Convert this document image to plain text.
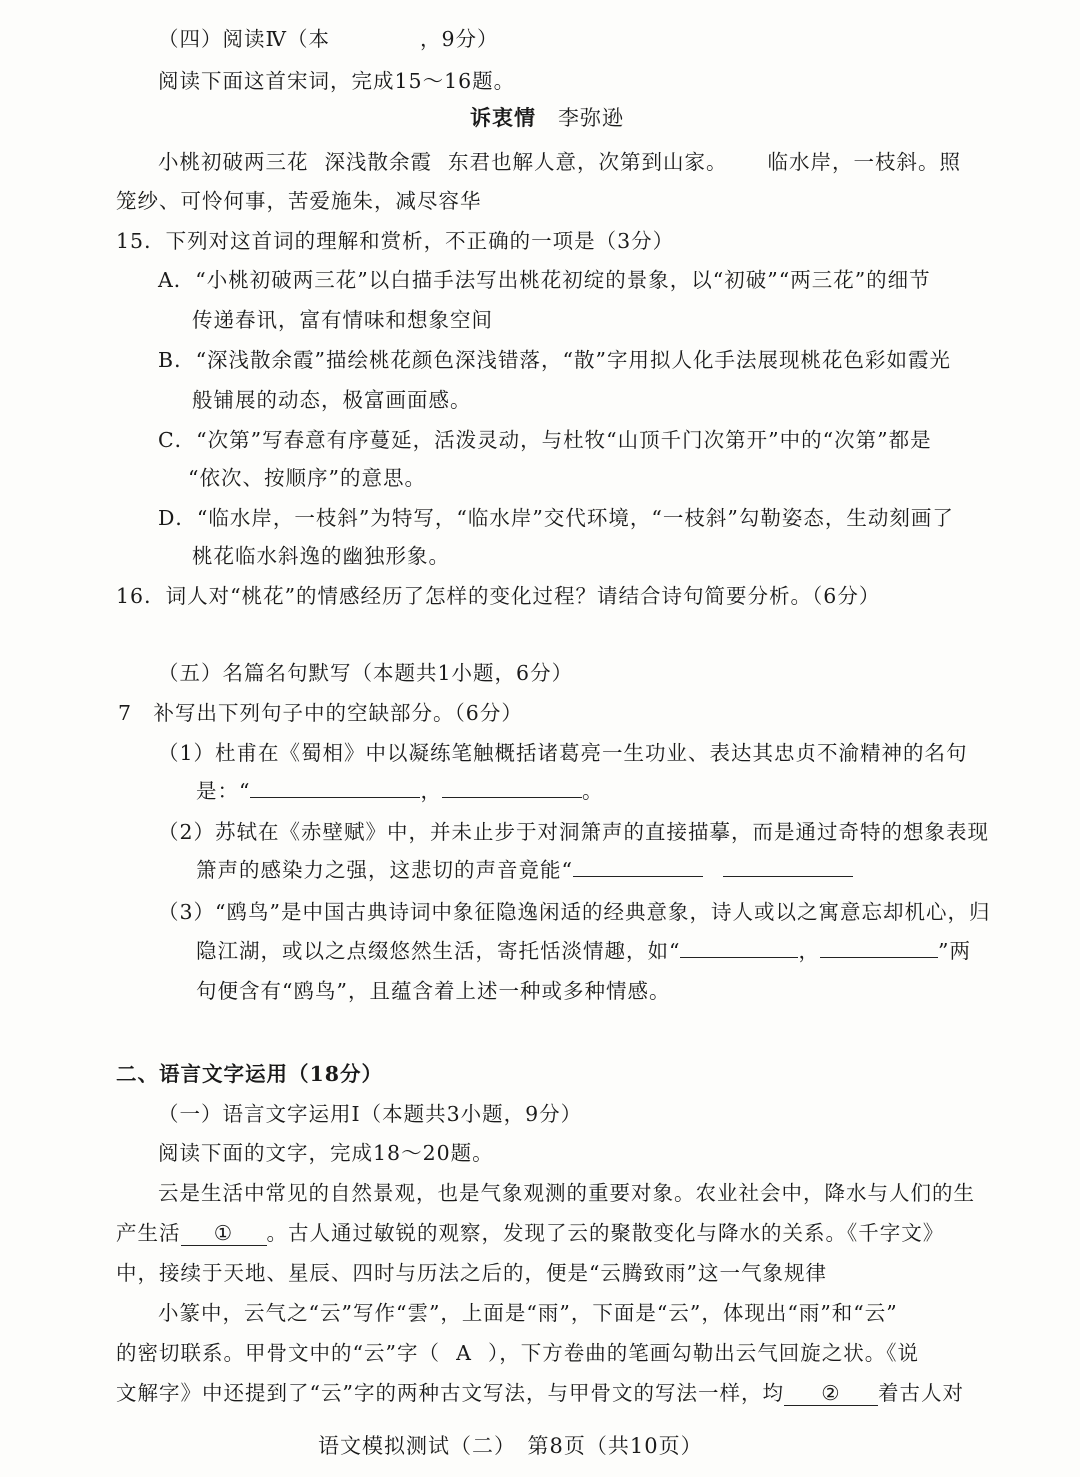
（四）阅读Ⅳ（本	，9分）
阅读下面这首宋词，完成15～16题。
诉衷情 李弥逊
小桃初破两三花 深浅散余霞 东君也解人意，次第到山家。 临水岸，一枝斜。照
笼纱、可怜何事，苦爱施朱，减尽容华
15．下列对这首词的理解和赏析，不正确的一项是（3分）
A．“小桃初破两三花”以白描手法写出桃花初绽的景象，以“初破”“两三花”的细节
传递春讯，富有情味和想象空间
B．“深浅散余霞”描绘桃花颜色深浅错落，“散”字用拟人化手法展现桃花色彩如霞光
般铺展的动态，极富画面感。
C．“次第”写春意有序蔓延，活泼灵动，与杜牧“山顶千门次第开”中的“次第”都是
“依次、按顺序”的意思。
D．“临水岸，一枝斜”为特写，“临水岸”交代环境，“一枝斜”勾勒姿态，生动刻画了
桃花临水斜逸的幽独形象。
16．词人对“桃花”的情感经历了怎样的变化过程？请结合诗句简要分析。（6分）
（五）名篇名句默写（本题共1小题，6分）
7　补写出下列句子中的空缺部分。（6分）
（1）杜甫在《蜀相》中以凝练笔触概括诸葛亮一生功业、表达其忠贞不渝精神的名句
是：“	，	。
（2）苏轼在《赤壁赋》中，并未止步于对洞箫声的直接描摹，而是通过奇特的想象表现
箫声的感染力之强，这悲切的声音竟能“
（3）“鸥鸟”是中国古典诗词中象征隐逸闲适的经典意象，诗人或以之寓意忘却机心，归
隐江湖，或以之点缀悠然生活，寄托恬淡情趣，如“	，	”两
句便含有“鸥鸟”，且蕴含着上述一种或多种情感。
二、语言文字运用（18分）
（一）语言文字运用Ⅰ（本题共3小题，9分）
阅读下面的文字，完成18～20题。
云是生活中常见的自然景观，也是气象观测的重要对象。农业社会中，降水与人们的生
产生活 ① 。古人通过敏锐的观察，发现了云的聚散变化与降水的关系。《千字文》
中，接续于天地、星辰、四时与历法之后的，便是“云腾致雨”这一气象规律
小篆中，云气之“云”写作“雲”，上面是“雨”，下面是“云”，体现出“雨”和“云”
的密切联系。甲骨文中的“云”字（ A ），下方卷曲的笔画勾勒出云气回旋之状。《说
文解字》中还提到了“云”字的两种古文写法，与甲骨文的写法一样，均 ② 着古人对
语文模拟测试（二）　第8页（共10页）
